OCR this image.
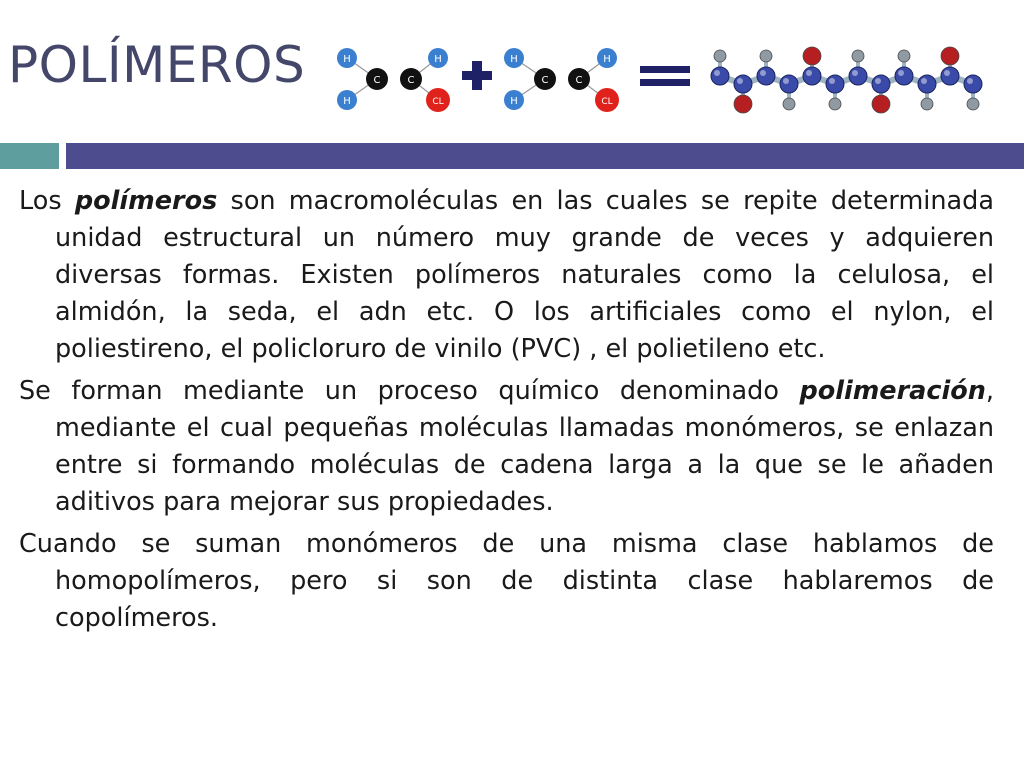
POLÍMEROS	H
H
C	C
H
CL
H
H
C	C
H
CL

Los polímeros son macromoléculas en las cuales se repite determinada unidad estructural un número muy grande de veces y adquieren diversas formas. Existen polímeros naturales como la celulosa, el almidón, la seda, el adn etc. O los artificiales como el nylon, el poliestireno, el policloruro de vinilo (PVC) , el polietileno etc.

Se forman mediante un proceso químico denominado polimeración, mediante el cual pequeñas moléculas llamadas monómeros, se enlazan entre si formando moléculas de cadena larga a la que se le añaden aditivos para mejorar sus propiedades.

Cuando se suman monómeros de una misma clase hablamos de homopolímeros, pero si son de distinta clase hablaremos de copolímeros.
